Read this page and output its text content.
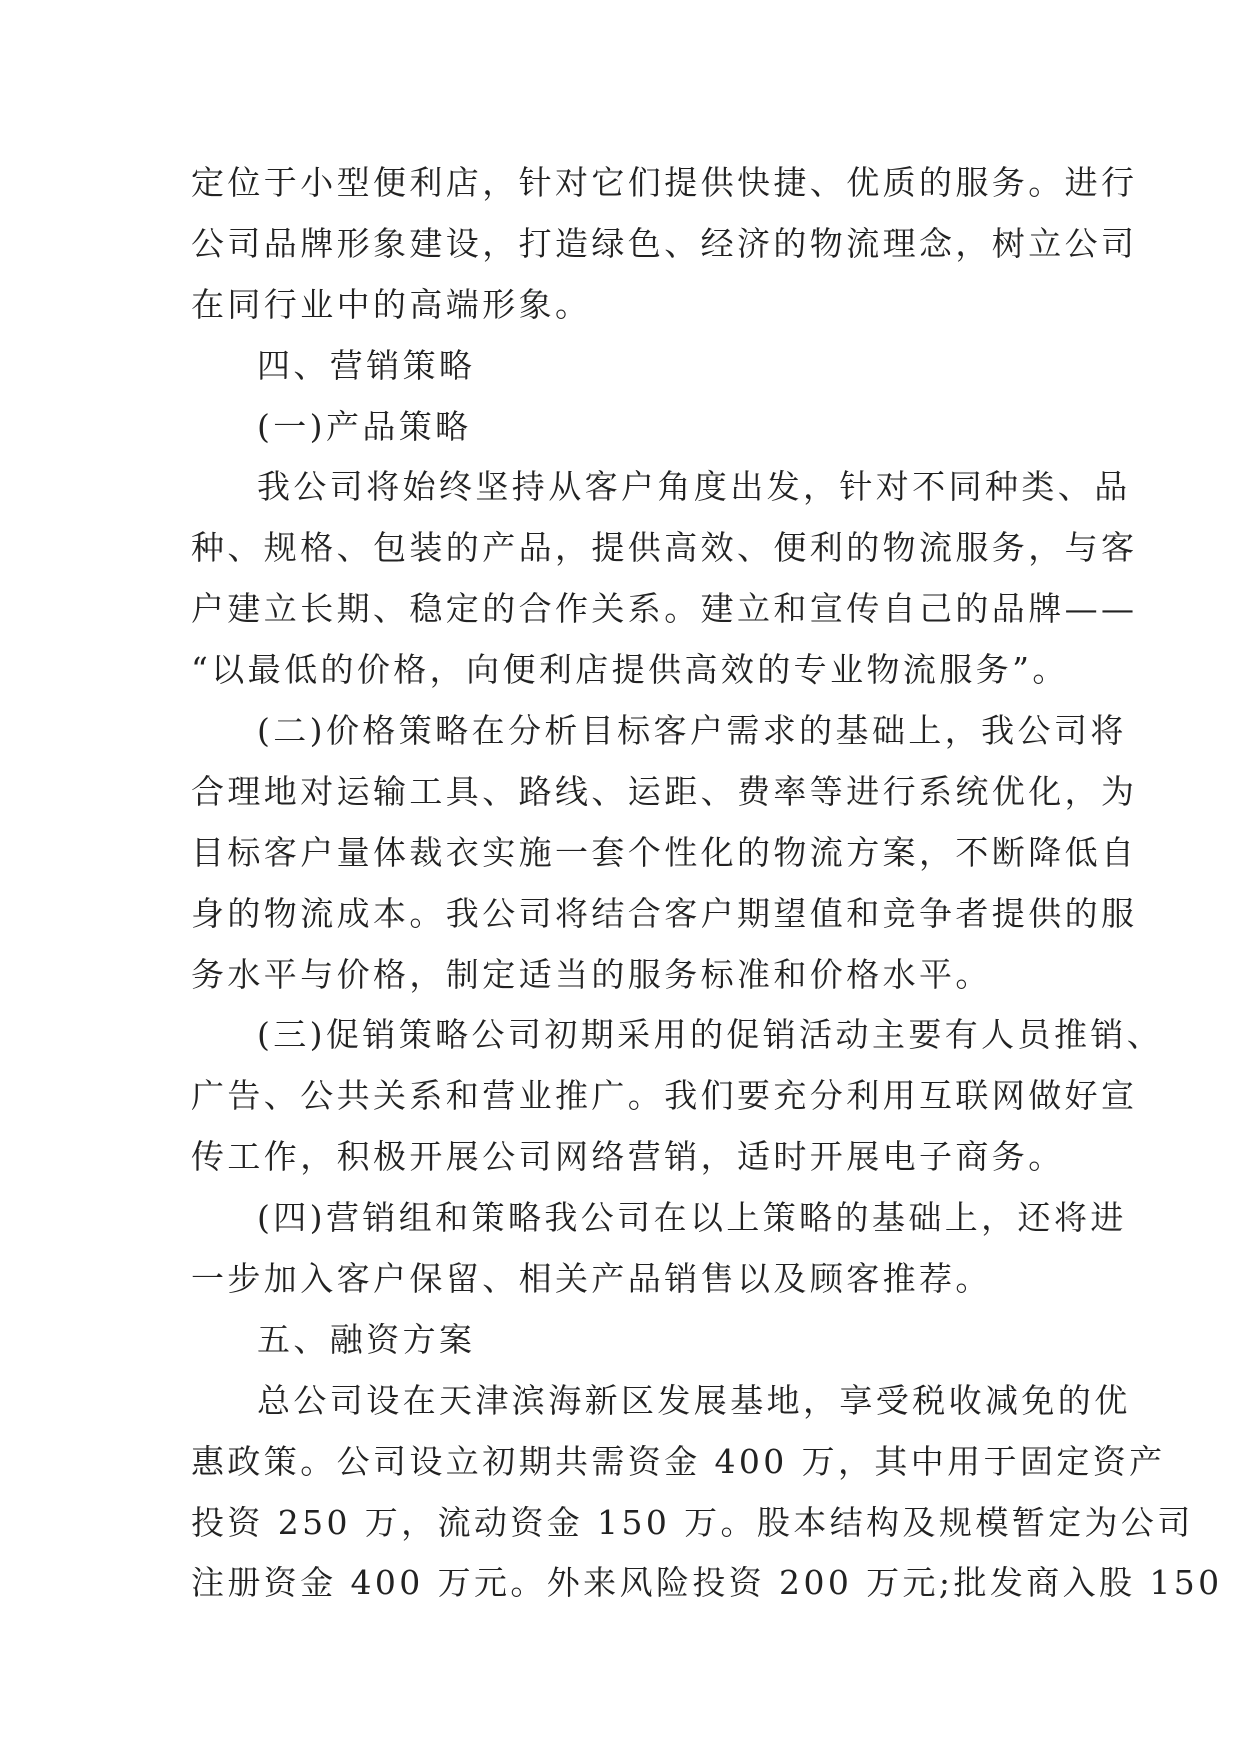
定位于小型便利店，针对它们提供快捷、优质的服务。进行
公司品牌形象建设，打造绿色、经济的物流理念，树立公司
在同行业中的高端形象。
四、营销策略
(一)产品策略
我公司将始终坚持从客户角度出发，针对不同种类、品
种、规格、包装的产品，提供高效、便利的物流服务，与客
户建立长期、稳定的合作关系。建立和宣传自己的品牌——
“以最低的价格，向便利店提供高效的专业物流服务”。
(二)价格策略在分析目标客户需求的基础上，我公司将
合理地对运输工具、路线、运距、费率等进行系统优化，为
目标客户量体裁衣实施一套个性化的物流方案，不断降低自
身的物流成本。我公司将结合客户期望值和竞争者提供的服
务水平与价格，制定适当的服务标准和价格水平。
(三)促销策略公司初期采用的促销活动主要有人员推销、
广告、公共关系和营业推广。我们要充分利用互联网做好宣
传工作，积极开展公司网络营销，适时开展电子商务。
(四)营销组和策略我公司在以上策略的基础上，还将进
一步加入客户保留、相关产品销售以及顾客推荐。
五、融资方案
总公司设在天津滨海新区发展基地，享受税收减免的优
惠政策。公司设立初期共需资金 400 万，其中用于固定资产
投资 250 万，流动资金 150 万。股本结构及规模暂定为公司
注册资金 400 万元。外来风险投资 200 万元;批发商入股 150
